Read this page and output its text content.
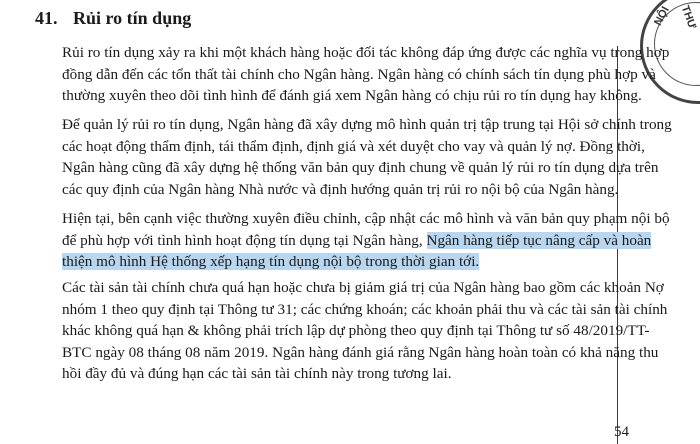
NỘI THƯ
41. Rủi ro tín dụng
Rủi ro tín dụng xảy ra khi một khách hàng hoặc đối tác không đáp ứng được các nghĩa vụ trong hợp
đồng dẫn đến các tổn thất tài chính cho Ngân hàng. Ngân hàng có chính sách tín dụng phù hợp và
thường xuyên theo dõi tình hình để đánh giá xem Ngân hàng có chịu rủi ro tín dụng hay không.
Để quản lý rủi ro tín dụng, Ngân hàng đã xây dựng mô hình quản trị tập trung tại Hội sở chính trong
các hoạt động thẩm định, tái thẩm định, định giá và xét duyệt cho vay và quản lý nợ. Đồng thời,
Ngân hàng cũng đã xây dựng hệ thống văn bản quy định chung về quản lý rủi ro tín dụng dựa trên
các quy định của Ngân hàng Nhà nước và định hướng quản trị rủi ro nội bộ của Ngân hàng.
Hiện tại, bên cạnh việc thường xuyên điều chỉnh, cập nhật các mô hình và văn bản quy phạm nội bộ
để phù hợp với tình hình hoạt động tín dụng tại Ngân hàng, Ngân hàng tiếp tục nâng cấp và hoàn
thiện mô hình Hệ thống xếp hạng tín dụng nội bộ trong thời gian tới.
Các tài sản tài chính chưa quá hạn hoặc chưa bị giảm giá trị của Ngân hàng bao gồm các khoản Nợ
nhóm 1 theo quy định tại Thông tư 31; các chứng khoán; các khoản phải thu và các tài sản tài chính
khác không quá hạn & không phải trích lập dự phòng theo quy định tại Thông tư số 48/2019/TT-
BTC ngày 08 tháng 08 năm 2019. Ngân hàng đánh giá rằng Ngân hàng hoàn toàn có khả năng thu
hồi đầy đủ và đúng hạn các tài sản tài chính này trong tương lai.
54
